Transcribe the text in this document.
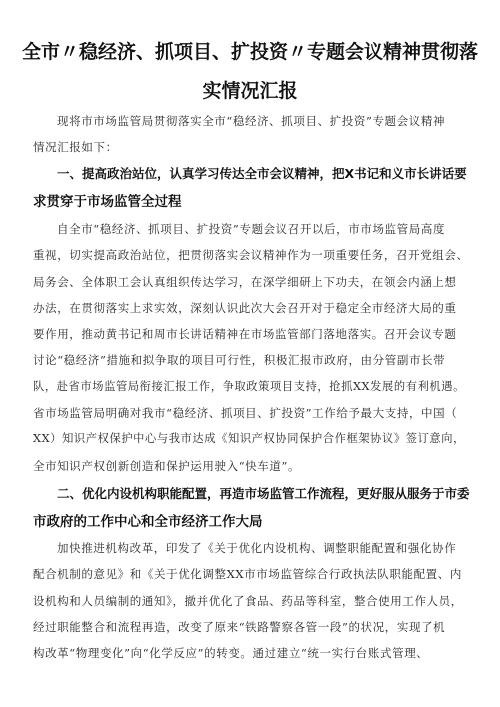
全市〃稳经济、抓项目、扩投资〃专题会议精神贯彻落
实情况汇报
现将市市场监管局贯彻落实全市“稳经济、抓项目、扩投资”专题会议精神
情况汇报如下：
一、提高政治站位，认真学习传达全市会议精神，把X书记和义市长讲话要
求贯穿于市场监管全过程
自全市“稳经济、抓项目、扩投资”专题会议召开以后，市市场监管局高度
重视，切实提高政治站位，把贯彻落实会议精神作为一项重要任务，召开党组会、
局务会、全体职工会认真组织传达学习，在深学细研上下功夫，在领会内涵上想
办法，在贯彻落实上求实效，深刻认识此次大会召开对于稳定全市经济大局的重
要作用，推动黄书记和周市长讲话精神在市场监管部门落地落实。召开会议专题
讨论“稳经济”措施和拟争取的项目可行性，积极汇报市政府，由分管副市长带
队，赴省市场监管局衔接汇报工作，争取政策项目支持，抢抓XX发展的有利机遇。
省市场监管局明确对我市“稳经济、抓项目、扩投资”工作给予最大支持，中国（
XX）知识产权保护中心与我市达成《知识产权协同保护合作框架协议》签订意向，
全市知识产权创新创造和保护运用驶入“快车道”。
二、优化内设机构职能配置，再造市场监管工作流程，更好服从服务于市委
市政府的工作中心和全市经济工作大局
加快推进机构改革，印发了《关于优化内设机构、调整职能配置和强化协作
配合机制的意见》和《关于优化调整XX市市场监管综合行政执法队职能配置、内
设机构和人员编制的通知》，撤并优化了食品、药品等科室，整合使用工作人员，
经过职能整合和流程再造，改变了原来“铁路警察各管一段”的状况，实现了机
构改革“物理变化”向“化学反应”的转变。通过建立“统一实行台账式管理、
